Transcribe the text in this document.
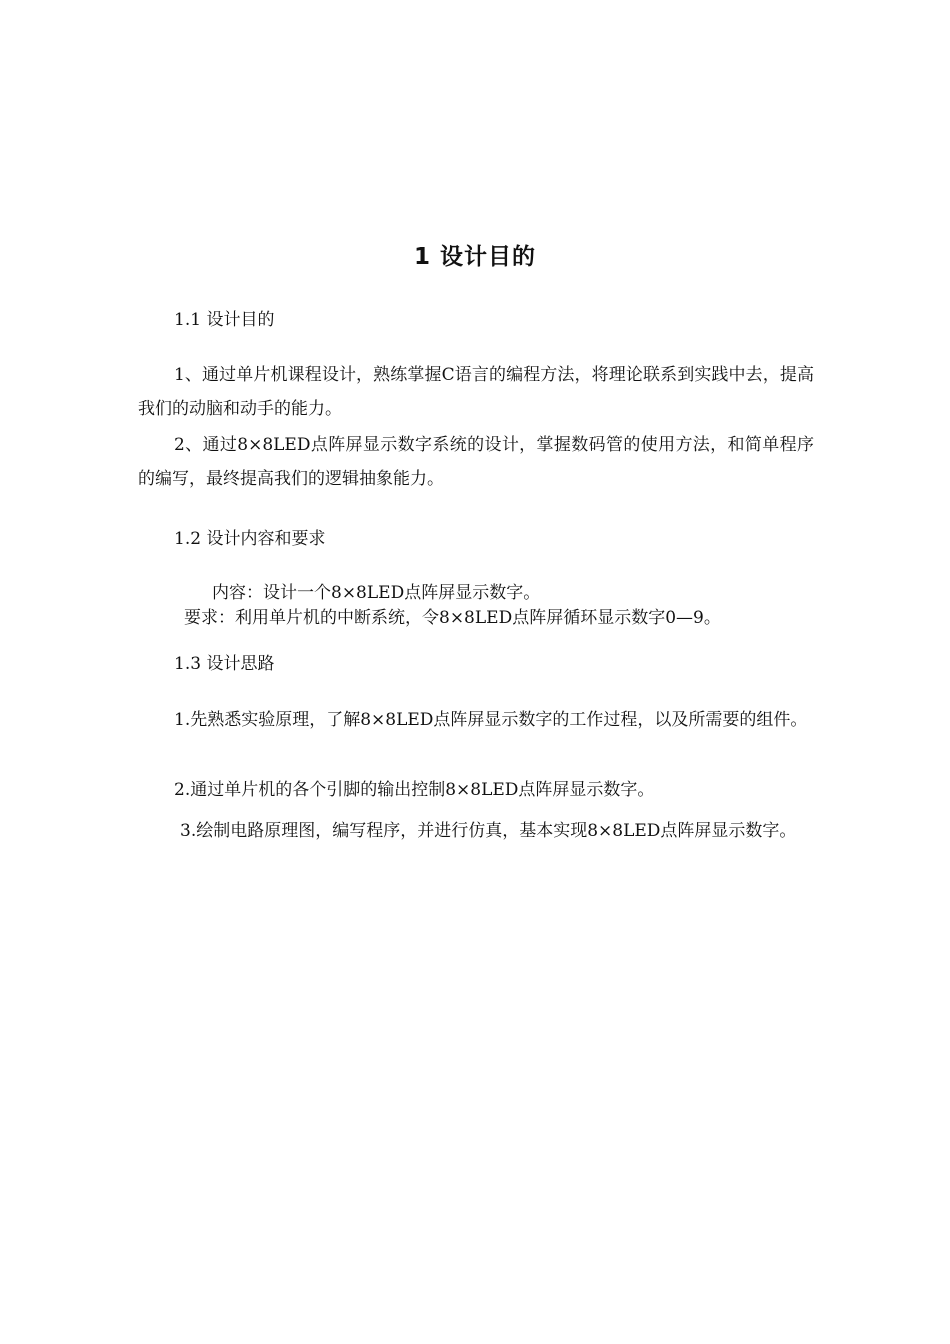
1 设计目的
1.1 设计目的
1、通过单片机课程设计，熟练掌握C语言的编程方法，将理论联系到实践中去，提高我们的动脑和动手的能力。
2、通过8×8LED点阵屏显示数字系统的设计，掌握数码管的使用方法，和简单程序的编写，最终提高我们的逻辑抽象能力。
1.2 设计内容和要求
内容：设计一个8×8LED点阵屏显示数字。
要求：利用单片机的中断系统，令8×8LED点阵屏循环显示数字0—9。
1.3 设计思路
1.先熟悉实验原理，了解8×8LED点阵屏显示数字的工作过程，以及所需要的组件。
2.通过单片机的各个引脚的输出控制8×8LED点阵屏显示数字。
3.绘制电路原理图，编写程序，并进行仿真，基本实现8×8LED点阵屏显示数字。
